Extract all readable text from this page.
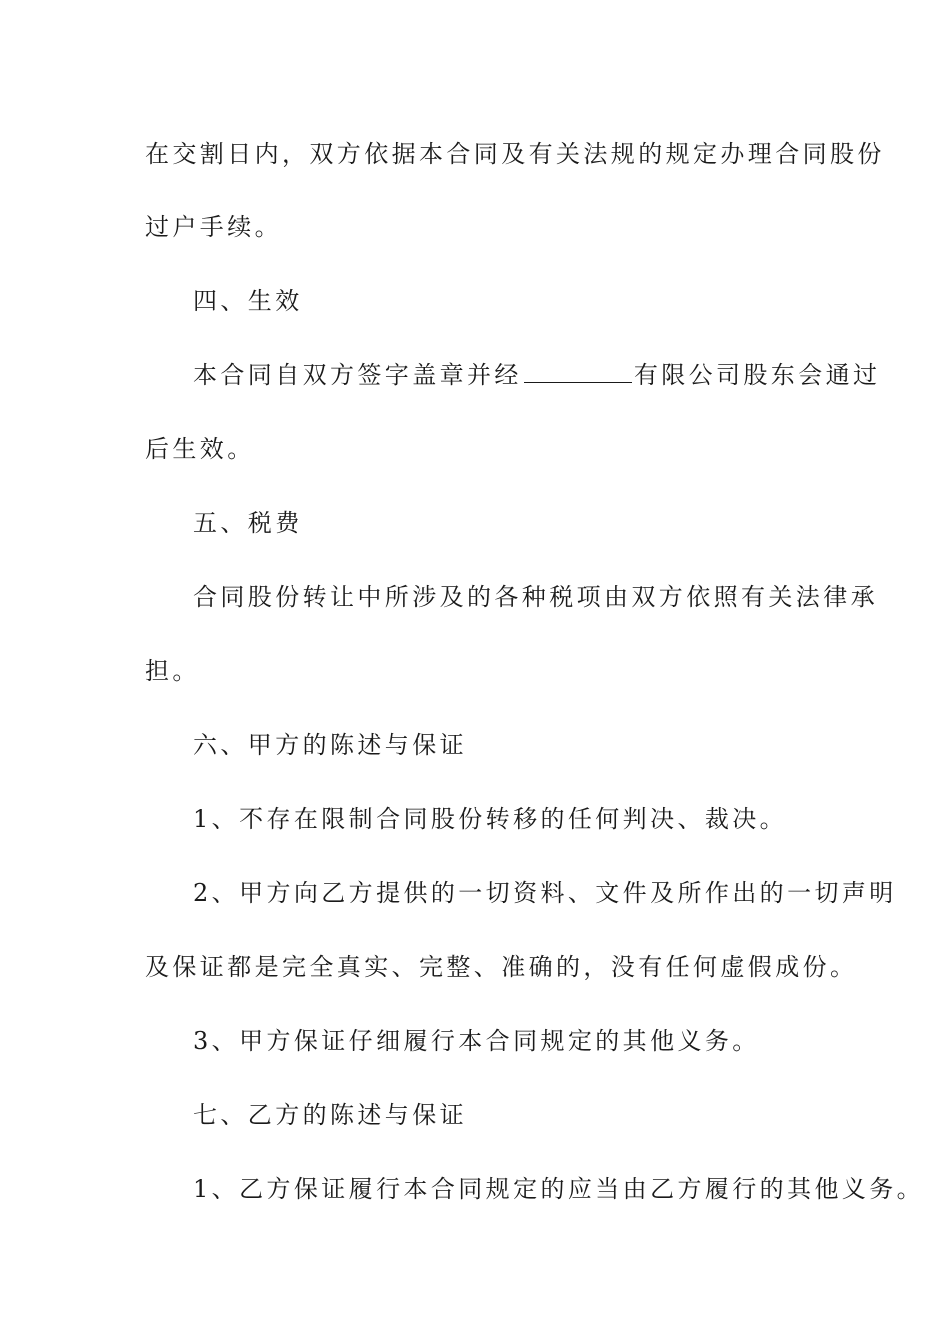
在交割日内，双方依据本合同及有关法规的规定办理合同股份

过户手续。

四、生效

本合同自双方签字盖章并经	有限公司股东会通过

后生效。

五、税费

合同股份转让中所涉及的各种税项由双方依照有关法律承

担。

六、甲方的陈述与保证

1、不存在限制合同股份转移的任何判决、裁决。

2、甲方向乙方提供的一切资料、文件及所作出的一切声明

及保证都是完全真实、完整、准确的，没有任何虚假成份。

3、甲方保证仔细履行本合同规定的其他义务。

七、乙方的陈述与保证

1、乙方保证履行本合同规定的应当由乙方履行的其他义务。
